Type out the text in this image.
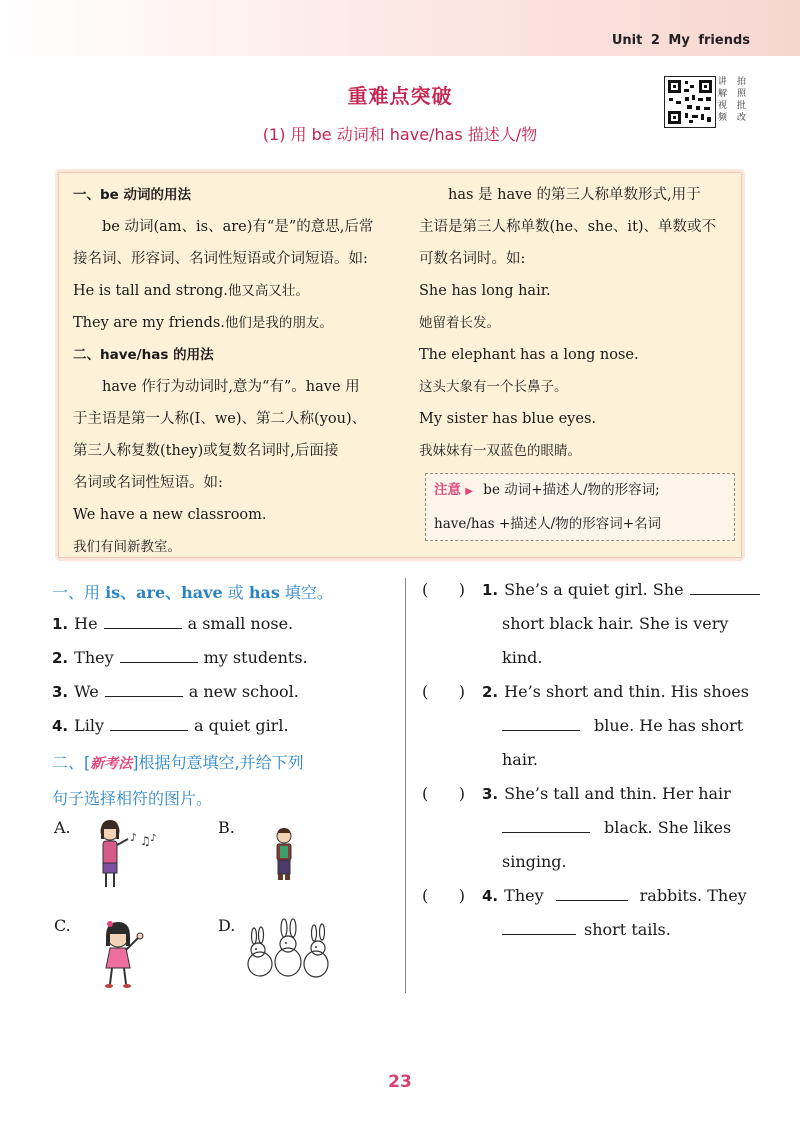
Unit 2 My friends
重难点突破
(1) 用 be 动词和 have/has 描述人/物
讲	拍
解	照
视	批
频	改
一、be 动词的用法
be 动词(am、is、are)有“是”的意思,后常
接名词、形容词、名词性短语或介词短语。如:
He is tall and strong.他又高又壮。
They are my friends.他们是我的朋友。
二、have/has 的用法
have 作行为动词时,意为“有”。have 用
于主语是第一人称(I、we)、第二人称(you)、
第三人称复数(they)或复数名词时,后面接
名词或名词性短语。如:
We have a new classroom.
我们有间新教室。
has 是 have 的第三人称单数形式,用于
主语是第三人称单数(he、she、it)、单数或不
可数名词时。如:
She has long hair.
她留着长发。
The elephant has a long nose.
这头大象有一个长鼻子。
My sister has blue eyes.
我妹妹有一双蓝色的眼睛。
注意 ▶ be 动词+描述人/物的形容词;
have/has +描述人/物的形容词+名词
一、用 is、are、have 或 has 填空。
1. He	a small nose.
2. They	my students.
3. We	a new school.
4. Lily	a quiet girl.
二、[新考法]根据句意填空,并给下列
句子选择相符的图片。
A.	B.
C.	D.
♪ ♫ ♪
(      ) 1. She’s a quiet girl. She
short black hair. She is very
kind.
(      ) 2. He’s short and thin. His shoes
blue. He has short
hair.
(      ) 3. She’s tall and thin. Her hair
black. She likes
singing.
(      ) 4. They	rabbits. They
short tails.
23
